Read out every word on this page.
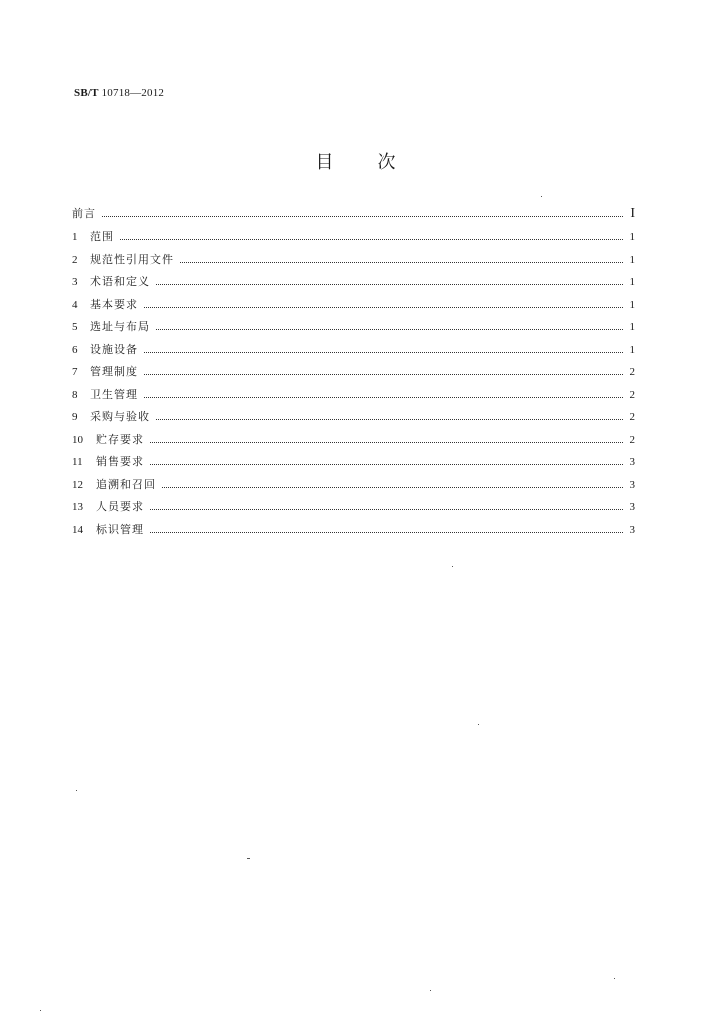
SB/T 10718—2012
目 次
前言	I
1	范围	1
2	规范性引用文件	1
3	术语和定义	1
4	基本要求	1
5	选址与布局	1
6	设施设备	1
7	管理制度	2
8	卫生管理	2
9	采购与验收	2
10	贮存要求	2
11	销售要求	3
12	追溯和召回	3
13	人员要求	3
14	标识管理	3
